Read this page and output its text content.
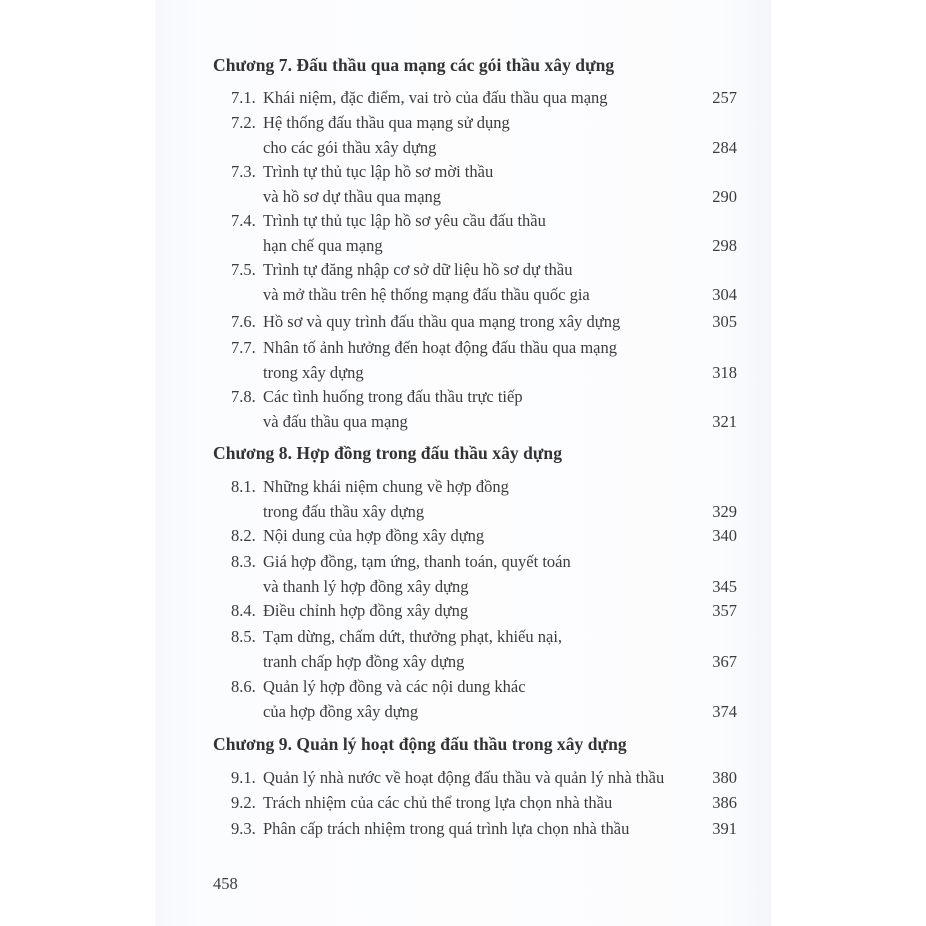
Chương 7. Đấu thầu qua mạng các gói thầu xây dựng
7.1. Khái niệm, đặc điểm, vai trò của đấu thầu qua mạng	257
7.2. Hệ thống đấu thầu qua mạng sử dụng
cho các gói thầu xây dựng	284
7.3. Trình tự thủ tục lập hồ sơ mời thầu
và hồ sơ dự thầu qua mạng	290
7.4. Trình tự thủ tục lập hồ sơ yêu cầu đấu thầu
hạn chế qua mạng	298
7.5. Trình tự đăng nhập cơ sở dữ liệu hồ sơ dự thầu
và mở thầu trên hệ thống mạng đấu thầu quốc gia	304
7.6. Hồ sơ và quy trình đấu thầu qua mạng trong xây dựng	305
7.7. Nhân tố ảnh hưởng đến hoạt động đấu thầu qua mạng
trong xây dựng	318
7.8. Các tình huống trong đấu thầu trực tiếp
và đấu thầu qua mạng	321
Chương 8. Hợp đồng trong đấu thầu xây dựng
8.1. Những khái niệm chung về hợp đồng
trong đấu thầu xây dựng	329
8.2. Nội dung của hợp đồng xây dựng	340
8.3. Giá hợp đồng, tạm ứng, thanh toán, quyết toán
và thanh lý hợp đồng xây dựng	345
8.4. Điều chỉnh hợp đồng xây dựng	357
8.5. Tạm dừng, chấm dứt, thưởng phạt, khiếu nại,
tranh chấp hợp đồng xây dựng	367
8.6. Quản lý hợp đồng và các nội dung khác
của hợp đồng xây dựng	374
Chương 9. Quản lý hoạt động đấu thầu trong xây dựng
9.1. Quản lý nhà nước về hoạt động đấu thầu và quản lý nhà thầu	380
9.2. Trách nhiệm của các chủ thể trong lựa chọn nhà thầu	386
9.3. Phân cấp trách nhiệm trong quá trình lựa chọn nhà thầu	391
458
